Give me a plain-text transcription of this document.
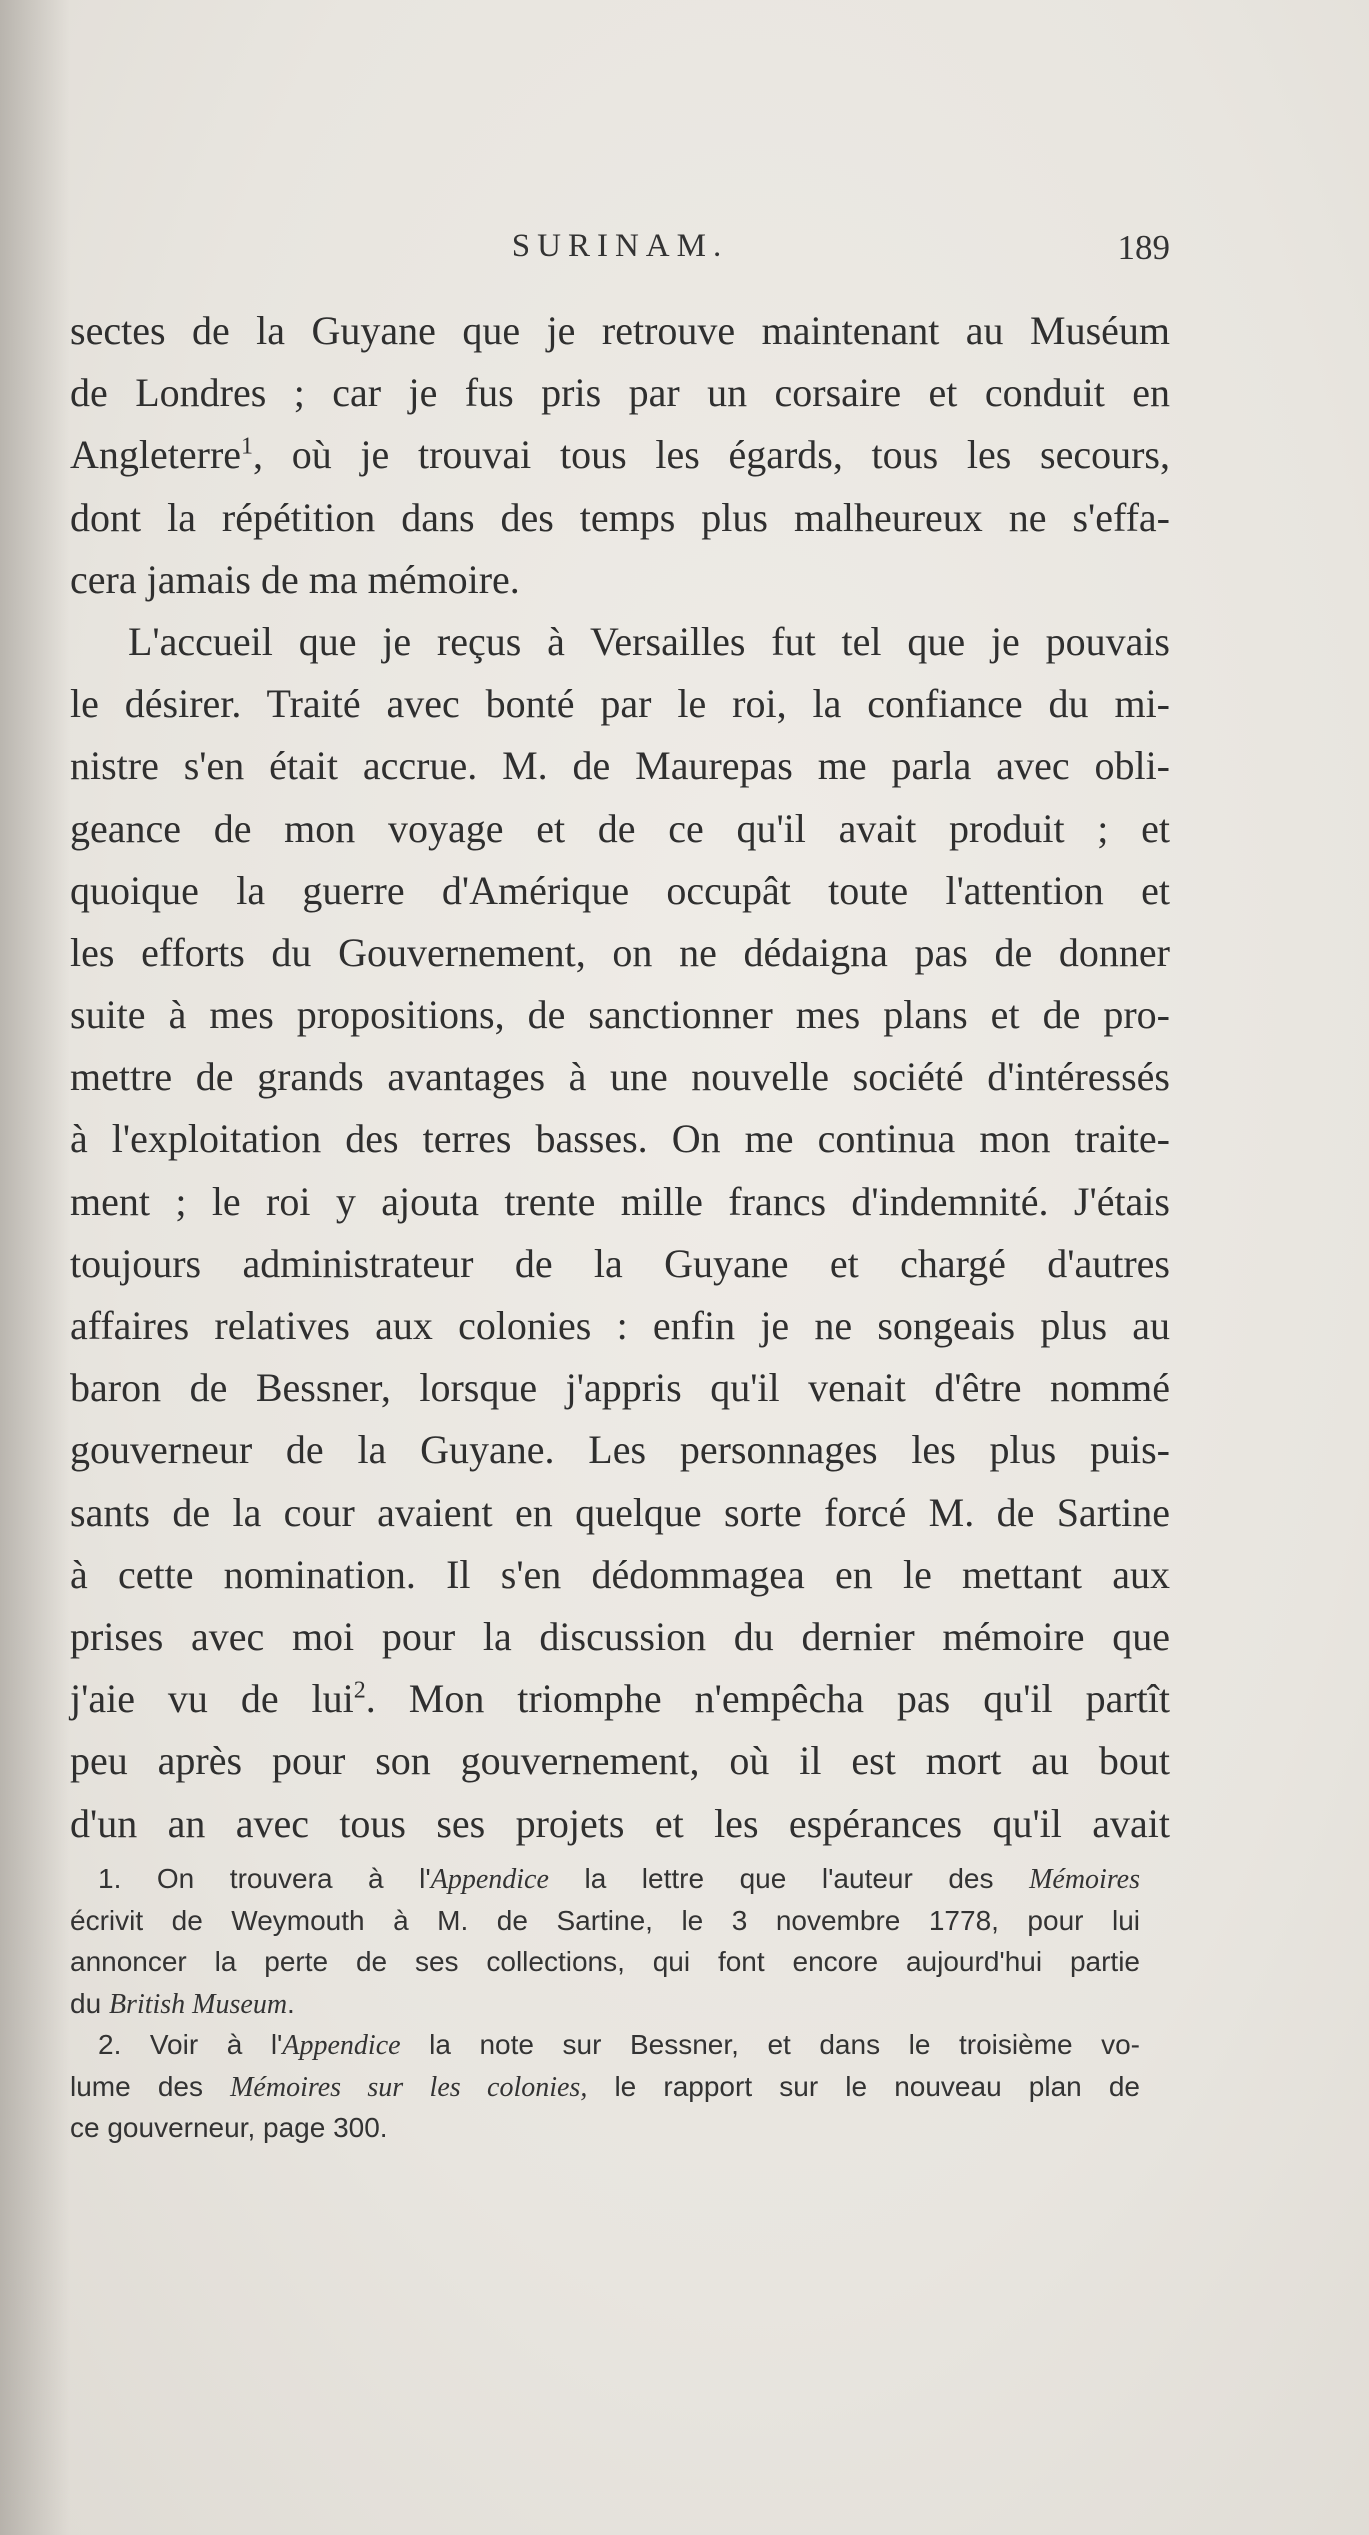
SURINAM.	189
sectes de la Guyane que je retrouve maintenant au Muséum
de Londres ; car je fus pris par un corsaire et conduit en
Angleterre$^1$, où je trouvai tous les égards, tous les secours,
dont la répétition dans des temps plus malheureux ne s'effa-
cera jamais de ma mémoire.
L'accueil que je reçus à Versailles fut tel que je pouvais
le désirer. Traité avec bonté par le roi, la confiance du mi-
nistre s'en était accrue. M. de Maurepas me parla avec obli-
geance de mon voyage et de ce qu'il avait produit ; et
quoique la guerre d'Amérique occupât toute l'attention et
les efforts du Gouvernement, on ne dédaigna pas de donner
suite à mes propositions, de sanctionner mes plans et de pro-
mettre de grands avantages à une nouvelle société d'intéressés
à l'exploitation des terres basses. On me continua mon traite-
ment ; le roi y ajouta trente mille francs d'indemnité. J'étais
toujours administrateur de la Guyane et chargé d'autres
affaires relatives aux colonies : enfin je ne songeais plus au
baron de Bessner, lorsque j'appris qu'il venait d'être nommé
gouverneur de la Guyane. Les personnages les plus puis-
sants de la cour avaient en quelque sorte forcé M. de Sartine
à cette nomination. Il s'en dédommagea en le mettant aux
prises avec moi pour la discussion du dernier mémoire que
j'aie vu de lui$^2$. Mon triomphe n'empêcha pas qu'il partît
peu après pour son gouvernement, où il est mort au bout
d'un an avec tous ses projets et les espérances qu'il avait
1. On trouvera à l'Appendice la lettre que l'auteur des Mémoires
écrivit de Weymouth à M. de Sartine, le 3 novembre 1778, pour lui
annoncer la perte de ses collections, qui font encore aujourd'hui partie
du British Museum.
2. Voir à l'Appendice la note sur Bessner, et dans le troisième vo-
lume des Mémoires sur les colonies, le rapport sur le nouveau plan de
ce gouverneur, page 300.
